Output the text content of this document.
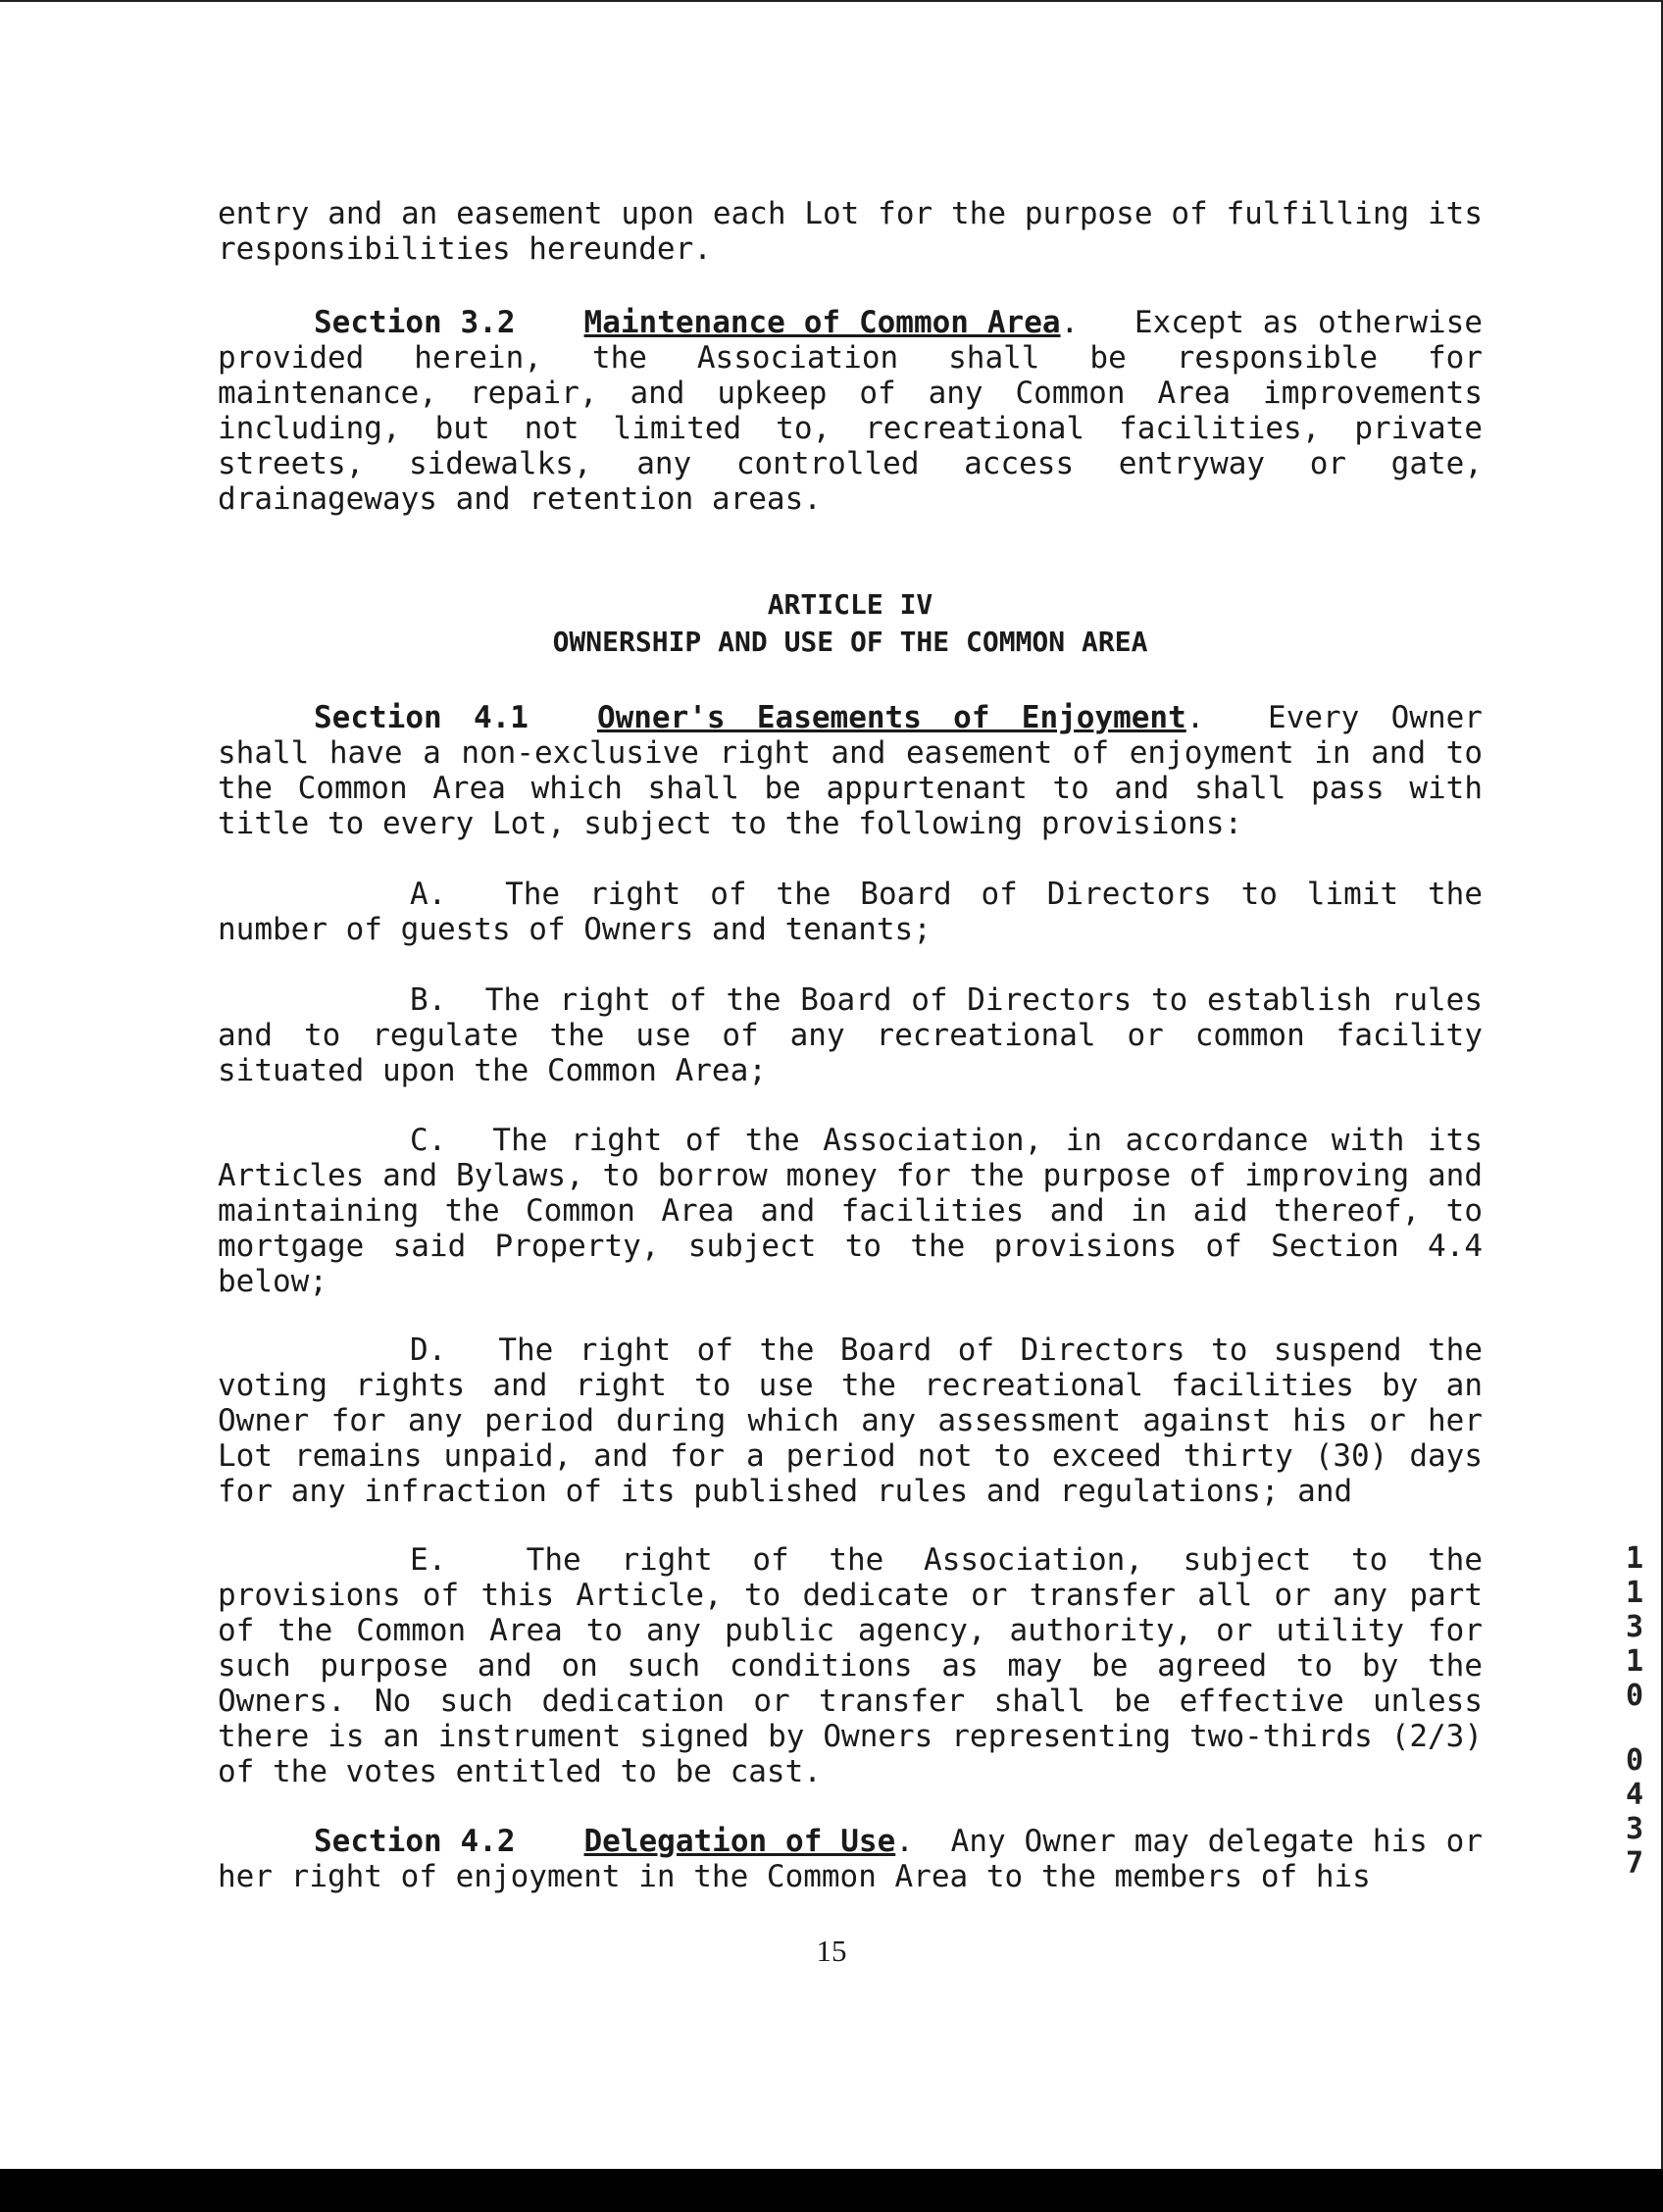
entry and an easement upon each Lot for the purpose of fulfilling its responsibilities hereunder.

Section 3.2 Maintenance of Common Area.   Except as otherwise provided herein, the Association shall be responsible for maintenance, repair, and upkeep of any Common Area improvements including, but not limited to, recreational facilities, private streets, sidewalks, any controlled access entryway or gate, drainageways and retention areas.

ARTICLE IV
OWNERSHIP AND USE OF THE COMMON AREA

Section 4.1 Owner's Easements of Enjoyment.  Every Owner shall have a non-exclusive right and easement of enjoyment in and to the Common Area which shall be appurtenant to and shall pass with title to every Lot, subject to the following provisions:

A.  The right of the Board of Directors to limit the number of guests of Owners and tenants;

B.  The right of the Board of Directors to establish rules and to regulate the use of any recreational or common facility situated upon the Common Area;

C.  The right of the Association, in accordance with its Articles and Bylaws, to borrow money for the purpose of improving and maintaining the Common Area and facilities and in aid thereof, to mortgage said Property, subject to the provisions of Section 4.4 below;

D.  The right of the Board of Directors to suspend the voting rights and right to use the recreational facilities by an Owner for any period during which any assessment against his or her Lot remains unpaid, and for a period not to exceed thirty (30) days for any infraction of its published rules and regulations; and

E.  The right of the Association, subject to the provisions of this Article, to dedicate or transfer all or any part of the Common Area to any public agency, authority, or utility for such purpose and on such conditions as may be agreed to by the Owners. No such dedication or transfer shall be effective unless there is an instrument signed by Owners representing two-thirds (2/3) of the votes entitled to be cast.

Section 4.2 Delegation of Use.  Any Owner may delegate his or her right of enjoyment in the Common Area to the members of his

15
1
1
3
1
0
0
4
3
7
